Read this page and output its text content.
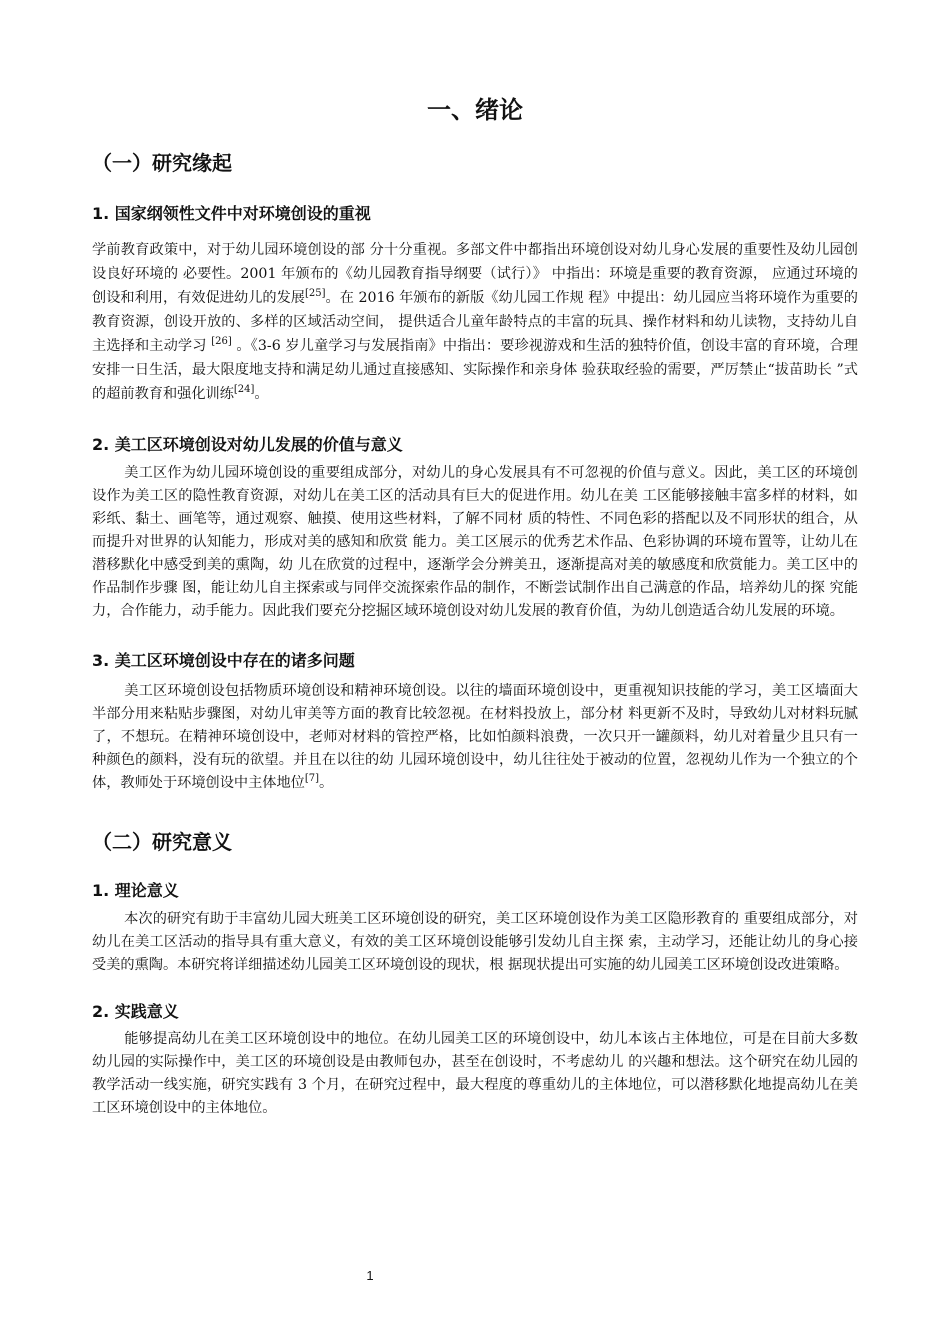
一、绪论
（一）研究缘起
1. 国家纲领性文件中对环境创设的重视

学前教育政策中，对于幼儿园环境创设的部 分十分重视。多部文件中都指出环境创设对幼儿身心发展的重要性及幼儿园创设良好环境的 必要性。2001 年颁布的《幼儿园教育指导纲要（试行）》 中指出：环境是重要的教育资源， 应通过环境的创设和利用，有效促进幼儿的发展[25]。在 2016 年颁布的新版《幼儿园工作规 程》中提出：幼儿园应当将环境作为重要的教育资源，创设开放的、多样的区域活动空间， 提供适合儿童年龄特点的丰富的玩具、操作材料和幼儿读物，支持幼儿自主选择和主动学习 [26] 。《3-6 岁儿童学习与发展指南》中指出：要珍视游戏和生活的独特价值，创设丰富的育环境，合理安排一日生活，最大限度地支持和满足幼儿通过直接感知、实际操作和亲身体 验获取经验的需要，严厉禁止“拔苗助长 ”式的超前教育和强化训练[24]。

2. 美工区环境创设对幼儿发展的价值与意义

美工区作为幼儿园环境创设的重要组成部分，对幼儿的身心发展具有不可忽视的价值与意义。因此，美工区的环境创设作为美工区的隐性教育资源，对幼儿在美工区的活动具有巨大的促进作用。幼儿在美 工区能够接触丰富多样的材料，如彩纸、黏土、画笔等，通过观察、触摸、使用这些材料，了解不同材 质的特性、不同色彩的搭配以及不同形状的组合，从而提升对世界的认知能力，形成对美的感知和欣赏 能力。美工区展示的优秀艺术作品、色彩协调的环境布置等，让幼儿在潜移默化中感受到美的熏陶，幼 儿在欣赏的过程中，逐渐学会分辨美丑，逐渐提高对美的敏感度和欣赏能力。美工区中的作品制作步骤 图，能让幼儿自主探索或与同伴交流探索作品的制作，不断尝试制作出自己满意的作品，培养幼儿的探 究能力，合作能力，动手能力。因此我们要充分挖掘区域环境创设对幼儿发展的教育价值，为幼儿创造适合幼儿发展的环境。

3. 美工区环境创设中存在的诸多问题

美工区环境创设包括物质环境创设和精神环境创设。以往的墙面环境创设中，更重视知识技能的学习，美工区墙面大半部分用来粘贴步骤图，对幼儿审美等方面的教育比较忽视。在材料投放上，部分材 料更新不及时，导致幼儿对材料玩腻了，不想玩。在精神环境创设中，老师对材料的管控严格，比如怕颜料浪费，一次只开一罐颜料，幼儿对着量少且只有一种颜色的颜料，没有玩的欲望。并且在以往的幼 儿园环境创设中，幼儿往往处于被动的位置，忽视幼儿作为一个独立的个体，教师处于环境创设中主体地位[7]。

（二）研究意义
1. 理论意义

本次的研究有助于丰富幼儿园大班美工区环境创设的研究，美工区环境创设作为美工区隐形教育的 重要组成部分，对幼儿在美工区活动的指导具有重大意义，有效的美工区环境创设能够引发幼儿自主探 索，主动学习，还能让幼儿的身心接受美的熏陶。本研究将详细描述幼儿园美工区环境创设的现状，根 据现状提出可实施的幼儿园美工区环境创设改进策略。

2. 实践意义

能够提高幼儿在美工区环境创设中的地位。在幼儿园美工区的环境创设中，幼儿本该占主体地位，可是在目前大多数幼儿园的实际操作中，美工区的环境创设是由教师包办，甚至在创设时，不考虑幼儿 的兴趣和想法。这个研究在幼儿园的教学活动一线实施，研究实践有 3 个月，在研究过程中，最大程度的尊重幼儿的主体地位，可以潜移默化地提高幼儿在美工区环境创设中的主体地位。

1
